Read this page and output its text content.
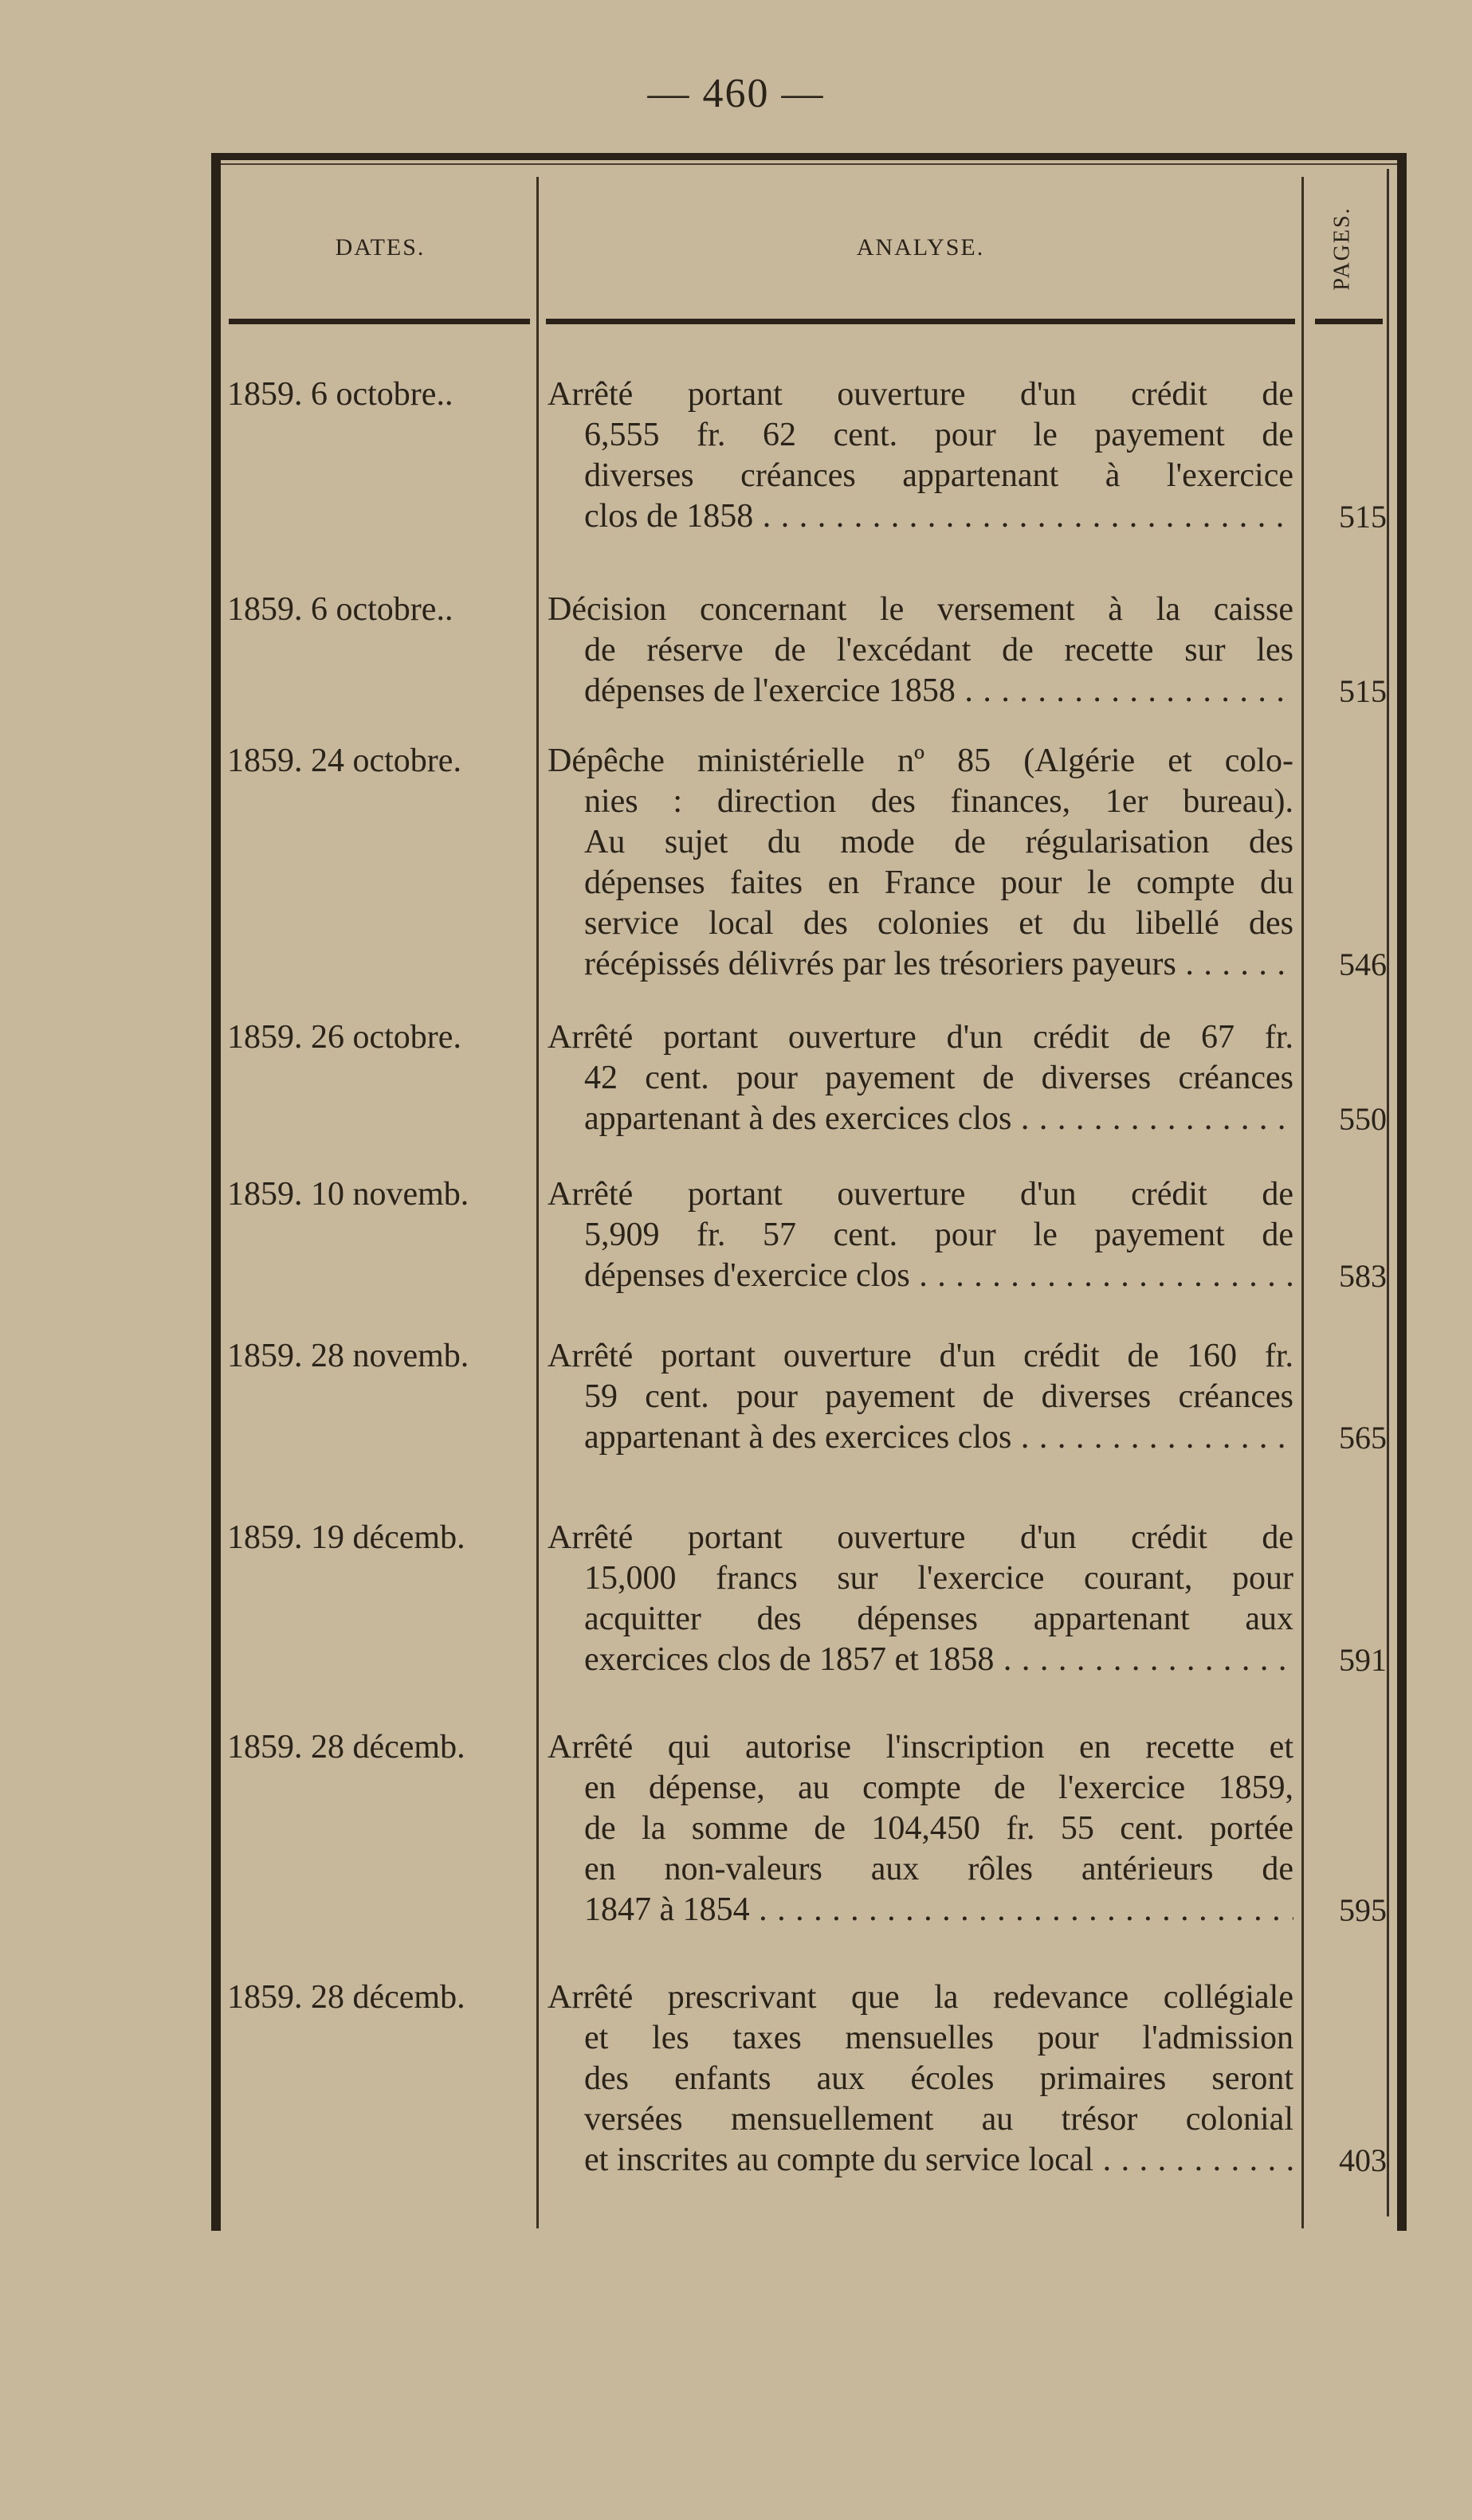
— 460 —
DATES.	ANALYSE.	PAGES.
1859. 6 octobre..	Arrêté portant ouverture d'un crédit de
6,555 fr. 62 cent. pour le payement de
diverses créances appartenant à l'exercice
clos de 1858 . . .	515
1859. 6 octobre..	Décision concernant le versement à la caisse
de réserve de l'excédant de recette sur les
dépenses de l'exercice 1858 . . .	515
1859. 24 octobre.	Dépêche ministérielle nº 85 (Algérie et colo-
nies : direction des finances, 1er bureau).
Au sujet du mode de régularisation des
dépenses faites en France pour le compte du
service local des colonies et du libellé des
récépissés délivrés par les trésoriers payeurs . . .	546
1859. 26 octobre.	Arrêté portant ouverture d'un crédit de 67 fr.
42 cent. pour payement de diverses créances
appartenant à des exercices clos . . .	550
1859. 10 novemb.	Arrêté portant ouverture d'un crédit de
5,909 fr. 57 cent. pour le payement de
dépenses d'exercice clos . . .	583
1859. 28 novemb.	Arrêté portant ouverture d'un crédit de 160 fr.
59 cent. pour payement de diverses créances
appartenant à des exercices clos . . .	565
1859. 19 décemb.	Arrêté portant ouverture d'un crédit de
15,000 francs sur l'exercice courant, pour
acquitter des dépenses appartenant aux
exercices clos de 1857 et 1858 . . .	591
1859. 28 décemb.	Arrêté qui autorise l'inscription en recette et
en dépense, au compte de l'exercice 1859,
de la somme de 104,450 fr. 55 cent. portée
en non-valeurs aux rôles antérieurs de
1847 à 1854 . . .	595
1859. 28 décemb.	Arrêté prescrivant que la redevance collégiale
et les taxes mensuelles pour l'admission
des enfants aux écoles primaires seront
versées mensuellement au trésor colonial
et inscrites au compte du service local . . .	403
